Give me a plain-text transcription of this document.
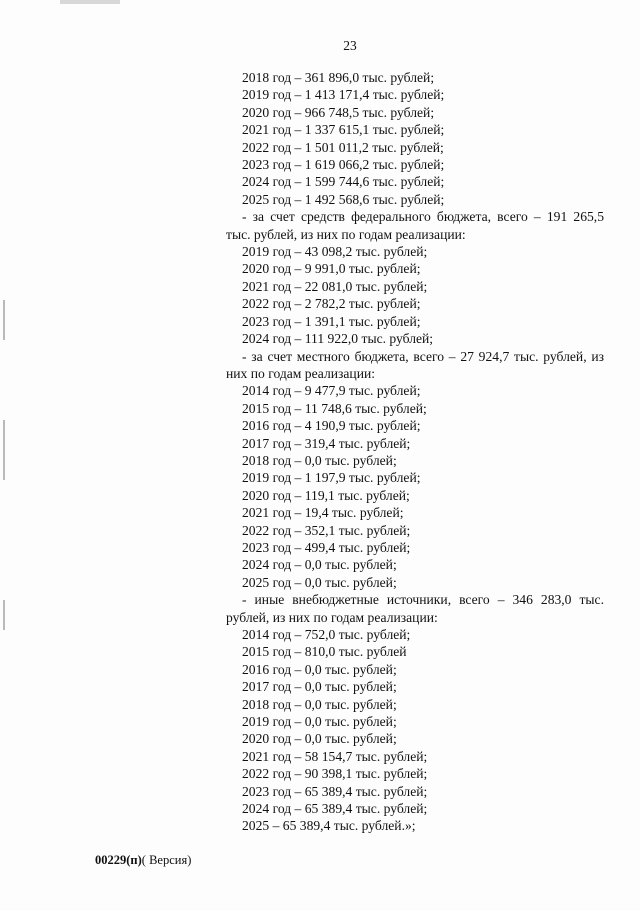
23
2018 год – 361 896,0 тыс. рублей;
2019 год – 1 413 171,4 тыс. рублей;
2020 год – 966 748,5 тыс. рублей;
2021 год – 1 337 615,1 тыс. рублей;
2022 год – 1 501 011,2 тыс. рублей;
2023 год – 1 619 066,2 тыс. рублей;
2024 год – 1 599 744,6 тыс. рублей;
2025 год – 1 492 568,6 тыс. рублей;
- за счет средств федерального бюджета, всего – 191 265,5 тыс. рублей, из них по годам реализации:
2019 год – 43 098,2 тыс. рублей;
2020 год – 9 991,0 тыс. рублей;
2021 год – 22 081,0 тыс. рублей;
2022 год – 2 782,2 тыс. рублей;
2023 год – 1 391,1 тыс. рублей;
2024 год – 111 922,0 тыс. рублей;
- за счет местного бюджета, всего – 27 924,7 тыс. рублей, из них по годам реализации:
2014 год – 9 477,9 тыс. рублей;
2015 год – 11 748,6 тыс. рублей;
2016 год – 4 190,9 тыс. рублей;
2017 год – 319,4 тыс. рублей;
2018 год – 0,0 тыс. рублей;
2019 год – 1 197,9 тыс. рублей;
2020 год – 119,1 тыс. рублей;
2021 год – 19,4 тыс. рублей;
2022 год – 352,1 тыс. рублей;
2023 год – 499,4 тыс. рублей;
2024 год – 0,0 тыс. рублей;
2025 год – 0,0 тыс. рублей;
- иные внебюджетные источники, всего – 346 283,0 тыс. рублей, из них по годам реализации:
2014 год – 752,0 тыс. рублей;
2015 год – 810,0 тыс. рублей
2016 год – 0,0 тыс. рублей;
2017 год – 0,0 тыс. рублей;
2018 год – 0,0 тыс. рублей;
2019 год – 0,0 тыс. рублей;
2020 год – 0,0 тыс. рублей;
2021 год – 58 154,7 тыс. рублей;
2022 год – 90 398,1 тыс. рублей;
2023 год – 65 389,4 тыс. рублей;
2024 год – 65 389,4 тыс. рублей;
2025 – 65 389,4 тыс. рублей.»;
00229(п)( Версия)
